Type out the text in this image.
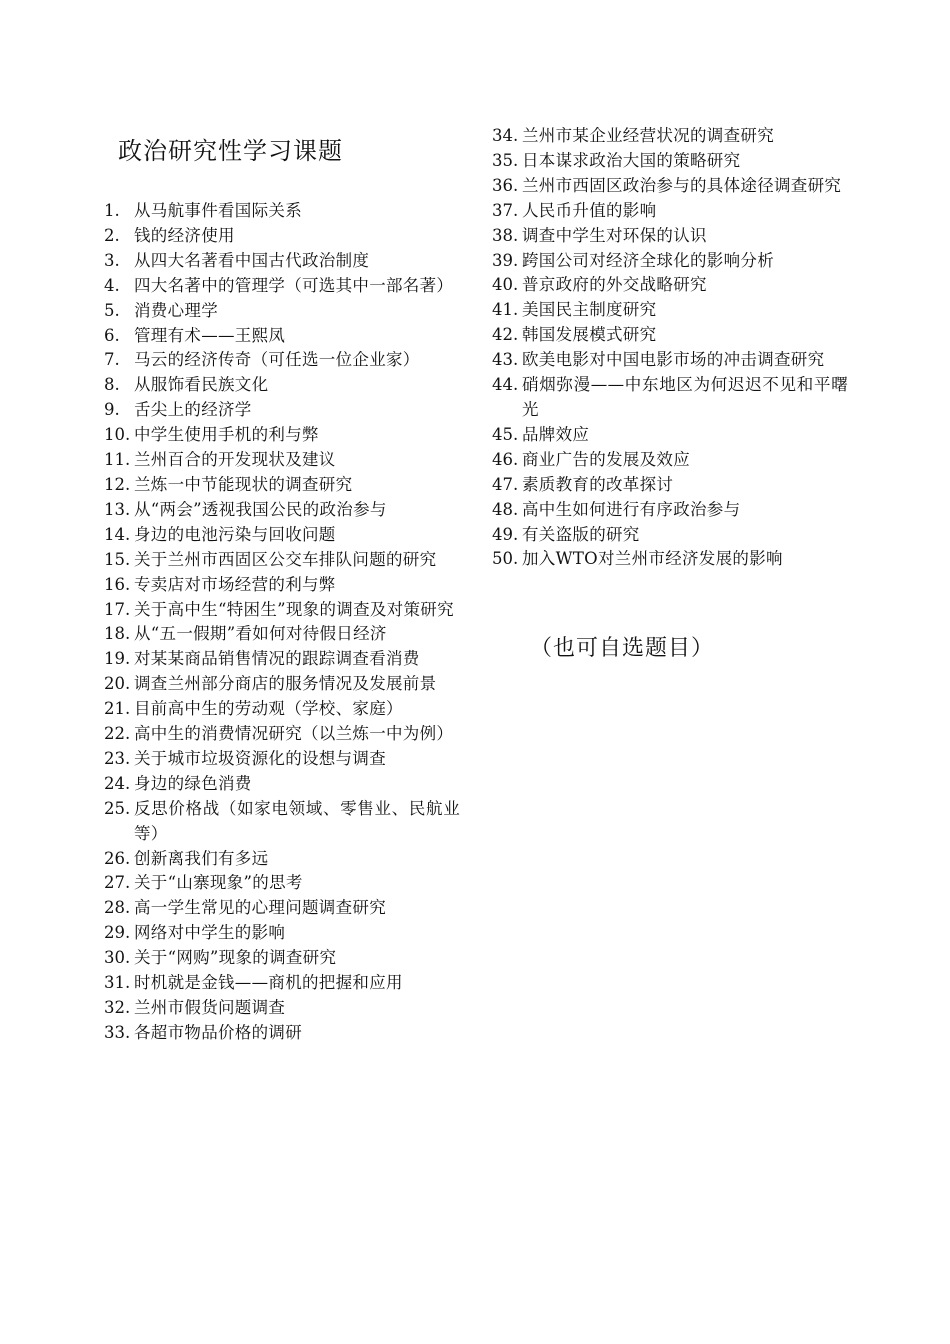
政治研究性学习课题
1. 从马航事件看国际关系
2. 钱的经济使用
3. 从四大名著看中国古代政治制度
4. 四大名著中的管理学（可选其中一部名著）
5. 消费心理学
6. 管理有术——王熙凤
7. 马云的经济传奇（可任选一位企业家）
8. 从服饰看民族文化
9. 舌尖上的经济学
10. 中学生使用手机的利与弊
11. 兰州百合的开发现状及建议
12. 兰炼一中节能现状的调查研究
13. 从“两会”透视我国公民的政治参与
14. 身边的电池污染与回收问题
15. 关于兰州市西固区公交车排队问题的研究
16. 专卖店对市场经营的利与弊
17. 关于高中生“特困生”现象的调查及对策研究
18. 从“五一假期”看如何对待假日经济
19. 对某某商品销售情况的跟踪调查看消费
20. 调查兰州部分商店的服务情况及发展前景
21. 目前高中生的劳动观（学校、家庭）
22. 高中生的消费情况研究（以兰炼一中为例）
23. 关于城市垃圾资源化的设想与调查
24. 身边的绿色消费
25. 反思价格战（如家电领域、零售业、民航业等）
26. 创新离我们有多远
27. 关于“山寨现象”的思考
28. 高一学生常见的心理问题调查研究
29. 网络对中学生的影响
30. 关于“网购”现象的调查研究
31. 时机就是金钱——商机的把握和应用
32. 兰州市假货问题调查
33. 各超市物品价格的调研
34. 兰州市某企业经营状况的调查研究
35. 日本谋求政治大国的策略研究
36. 兰州市西固区政治参与的具体途径调查研究
37. 人民币升值的影响
38. 调查中学生对环保的认识
39. 跨国公司对经济全球化的影响分析
40. 普京政府的外交战略研究
41. 美国民主制度研究
42. 韩国发展模式研究
43. 欧美电影对中国电影市场的冲击调查研究
44. 硝烟弥漫——中东地区为何迟迟不见和平曙光
45. 品牌效应
46. 商业广告的发展及效应
47. 素质教育的改革探讨
48. 高中生如何进行有序政治参与
49. 有关盗版的研究
50. 加入WTO对兰州市经济发展的影响

（也可自选题目）
